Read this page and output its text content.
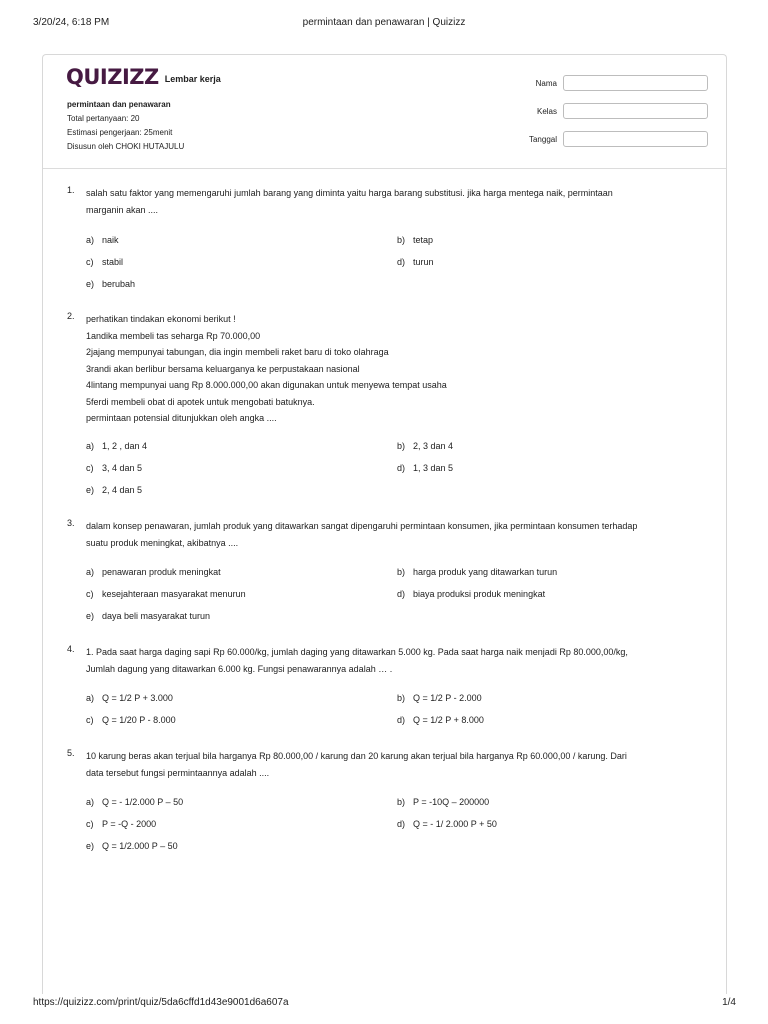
3/20/24, 6:18 PM	permintaan dan penawaran | Quizizz
QUIZIZZ Lembar kerja
permintaan dan penawaran
Total pertanyaan: 20
Estimasi pengerjaan: 25menit
Disusun oleh CHOKI HUTAJULU
Nama
Kelas
Tanggal
1. salah satu faktor yang memengaruhi jumlah barang yang diminta yaitu harga barang substitusi. jika harga mentega naik, permintaan
marganin akan ....
a) naik	b) tetap
c) stabil	d) turun
e) berubah
2. perhatikan tindakan ekonomi berikut !
1andika membeli tas seharga Rp 70.000,00
2jajang mempunyai tabungan, dia ingin membeli raket baru di toko olahraga
3randi akan berlibur bersama keluarganya ke perpustakaan nasional
4lintang mempunyai uang Rp 8.000.000,00 akan digunakan untuk menyewa tempat usaha
5ferdi membeli obat di apotek untuk mengobati batuknya.
permintaan potensial ditunjukkan oleh angka ....
a) 1, 2 , dan 4	b) 2, 3 dan 4
c) 3, 4 dan 5	d) 1, 3 dan 5
e) 2, 4 dan 5
3. dalam konsep penawaran, jumlah produk yang ditawarkan sangat dipengaruhi permintaan konsumen, jika permintaan konsumen terhadap
suatu produk meningkat, akibatnya ....
a) penawaran produk meningkat	b) harga produk yang ditawarkan turun
c) kesejahteraan masyarakat menurun	d) biaya produksi produk meningkat
e) daya beli masyarakat turun
4. 1. Pada saat harga daging sapi Rp 60.000/kg, jumlah daging yang ditawarkan 5.000 kg. Pada saat harga naik menjadi Rp 80.000,00/kg,
Jumlah dagung yang ditawarkan 6.000 kg. Fungsi penawarannya adalah … .
a) Q = 1/2 P + 3.000	b) Q = 1/2 P - 2.000
c) Q = 1/20 P - 8.000	d) Q = 1/2 P + 8.000
5. 10 karung beras akan terjual bila harganya Rp 80.000,00 / karung dan 20 karung akan terjual bila harganya Rp 60.000,00 / karung. Dari
data tersebut fungsi permintaannya adalah ....
a) Q = - 1/2.000 P – 50	b) P = -10Q – 200000
c) P = -Q - 2000	d) Q = - 1/ 2.000 P + 50
e) Q = 1/2.000 P – 50
https://quizizz.com/print/quiz/5da6cffd1d43e9001d6a607a	1/4
